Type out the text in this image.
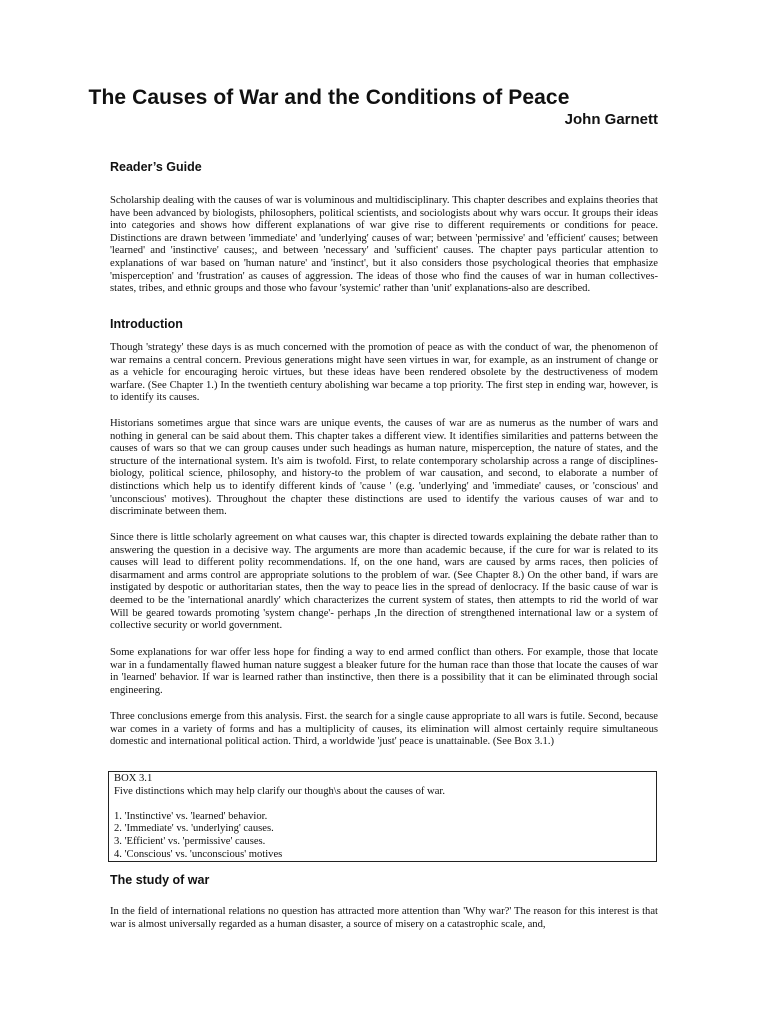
The Causes of War and the Conditions of Peace
John Garnett
Reader’s Guide

Scholarship dealing with the causes of war is voluminous and multidisciplinary. This chapter describes and explains theories that have been advanced by biologists, philosophers, political scientists, and sociologists about why wars occur. It groups their ideas into categories and shows how different explanations of war give rise to different requirements or conditions for peace. Distinctions are drawn between 'immediate' and 'underlying' causes of war; between 'permissive' and 'efficient' causes; between 'learned' and 'instinctive' causes;, and between 'necessary' and 'sufficient' causes. The chapter pays particular attention to explanations of war based on 'human nature' and 'instinct', but it also considers those psychological theories that emphasize 'misperception' and 'frustration' as causes of aggression. The ideas of those who find the causes of war in human collectives-states, tribes, and ethnic groups and those who favour 'systemic' rather than 'unit' explanations-also are described.

Introduction

Though 'strategy' these days is as much concerned with the promotion of peace as with the conduct of war, the phenomenon of war remains a central concern. Previous generations might have seen virtues in war, for example, as an instrument of change or as a vehicle for encouraging heroic virtues, but these ideas have been rendered obsolete by the destructiveness of modem warfare. (See Chapter 1.) In the twentieth century abolishing war became a top priority. The first step in ending war, however, is to identify its causes.

Historians sometimes argue that since wars are unique events, the causes of war are as numerus as the number of wars and nothing in general can be said about them. This chapter takes a different view. It identifies similarities and patterns between the causes of wars so that we can group causes under such headings as human nature, misperception, the nature of states, and the structure of the international system. It's aim is twofold. First, to relate contemporary scholarship across a range of disciplines-biology, political science, philosophy, and history-to the problem of war causation, and second, to elaborate a number of distinctions which help us to identify different kinds of 'cause ' (e.g. 'underlying' and 'immediate' causes, or 'conscious' and 'unconscious' motives). Throughout the chapter these distinctions are used to identify the various causes of war and to discriminate between them.

Since there is little scholarly agreement on what causes war, this chapter is directed towards explaining the debate rather than to answering the question in a decisive way. The arguments are more than academic because, if the cure for war is related to its causes will lead to different polity recommendations. lf, on the one hand, wars are caused by arms races, then policies of disarmament and arms control are appropriate solutions to the problem of war. (See Chapter 8.) On the other band, if wars are instigated by despotic or authoritarian states, then the way to peace lies in the spread of denlocracy. If the basic cause of war is deemed to be the 'international anardly' which characterizes the current system of states, then attempts to rid the world of war Will be geared towards promoting 'system change'- perhaps ,In the direction of strengthened international law or a system of collective security or world government.

Some explanations for war offer less hope for finding a way to end armed conflict than others. For example, those that locate war in a fundamentally flawed human nature suggest a bleaker future for the human race than those that locate the causes of war in 'learned' behavior. If war is learned rather than instinctive, then there is a possibility that it can be eliminated through social engineering.

Three conclusions emerge from this analysis. First. the search for a single cause appropriate to all wars is futile. Second, because war comes in a variety of forms and has a multiplicity of causes, its elimination will almost certainly require simultaneous domestic and international political action. Third, a worldwide 'just' peace is unattainable. (See Box 3.1.)

BOX 3.1
Five distinctions which may help clarify our though\s about the causes of war.
1. 'Instinctive' vs. 'learned' behavior.
2. 'Immediate' vs. 'underlying' causes.
3. 'Efficient' vs. 'permissive' causes.
4. 'Conscious' vs. 'unconscious' motives
The study of war

In the field of international relations no question has attracted more attention than 'Why war?' The reason for this interest is that war is almost universally regarded as a human disaster, a source of misery on a catastrophic scale, and,
